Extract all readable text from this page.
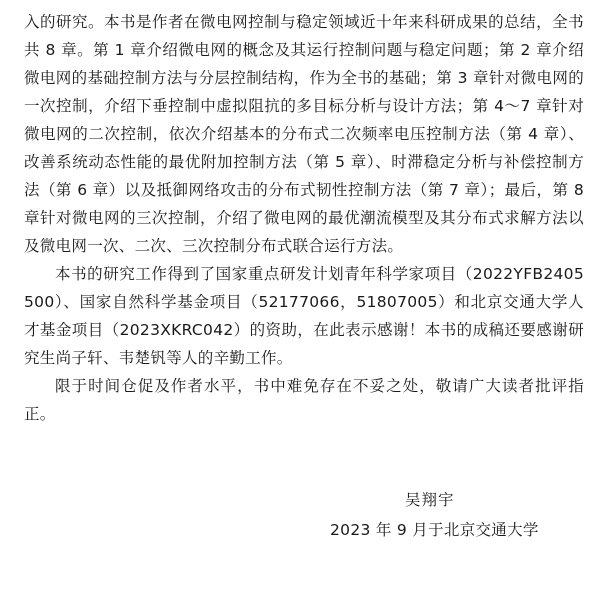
入的研究。本书是作者在微电网控制与稳定领域近十年来科研成果的总结，全书共 8 章。第 1 章介绍微电网的概念及其运行控制问题与稳定问题；第 2 章介绍微电网的基础控制方法与分层控制结构，作为全书的基础；第 3 章针对微电网的一次控制，介绍下垂控制中虚拟阻抗的多目标分析与设计方法；第 4～7 章针对微电网的二次控制，依次介绍基本的分布式二次频率电压控制方法（第 4 章）、改善系统动态性能的最优附加控制方法（第 5 章）、时滞稳定分析与补偿控制方法（第 6 章）以及抵御网络攻击的分布式韧性控制方法（第 7 章）；最后，第 8 章针对微电网的三次控制，介绍了微电网的最优潮流模型及其分布式求解方法以及微电网一次、二次、三次控制分布式联合运行方法。

本书的研究工作得到了国家重点研发计划青年科学家项目（2022YFB2405500）、国家自然科学基金项目（52177066，51807005）和北京交通大学人才基金项目（2023XKRC042）的资助，在此表示感谢！本书的成稿还要感谢研究生尚子轩、韦楚钒等人的辛勤工作。

限于时间仓促及作者水平，书中难免存在不妥之处，敬请广大读者批评指正。

吴翔宇
2023 年 9 月于北京交通大学
